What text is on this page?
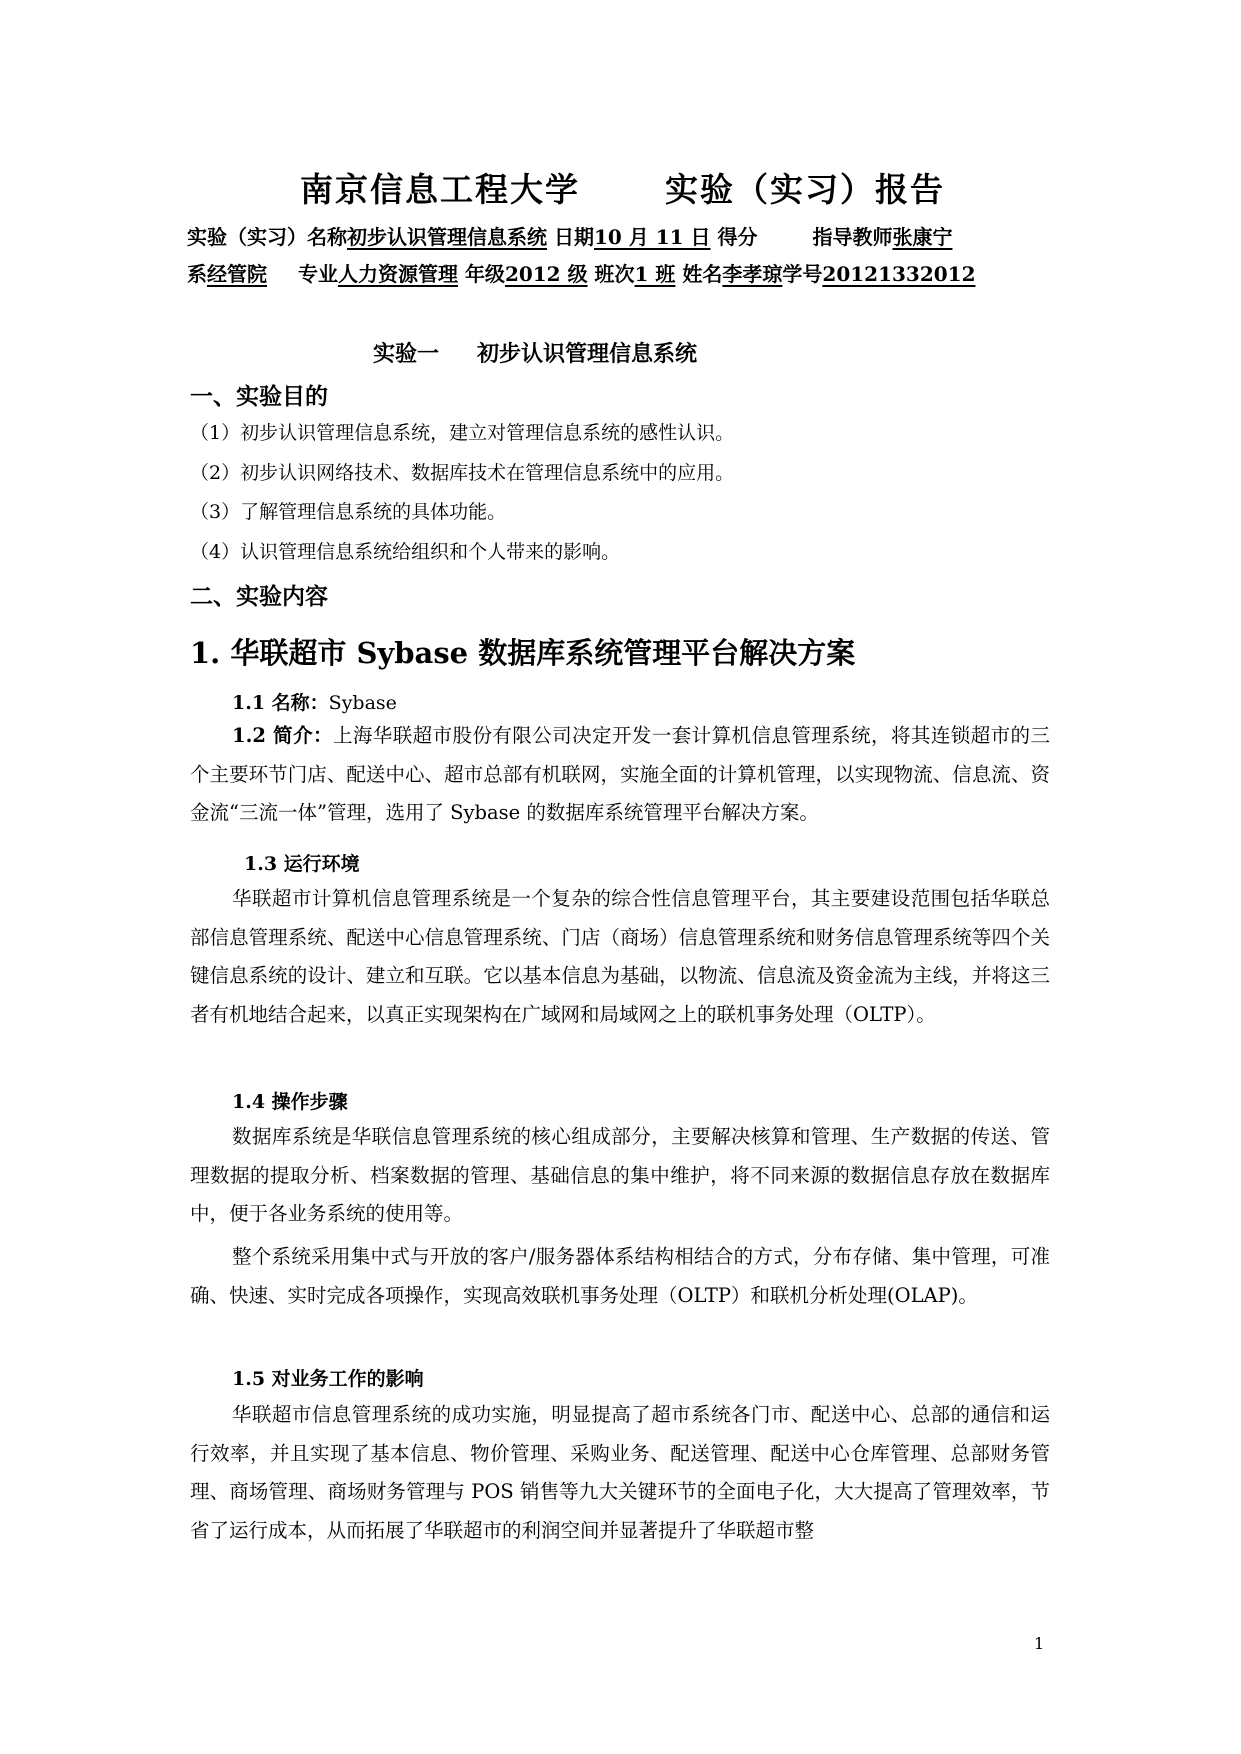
南京信息工程大学	实验（实习）报告
实验（实习）名称初步认识管理信息系统 日期10 月 11 日 得分	指导教师张康宁
系经管院 专业人力资源管理 年级2012 级 班次1 班 姓名李孝琼学号20121332012
实验一 初步认识管理信息系统
一、实验目的
（1）初步认识管理信息系统，建立对管理信息系统的感性认识。
（2）初步认识网络技术、数据库技术在管理信息系统中的应用。
（3）了解管理信息系统的具体功能。
（4）认识管理信息系统给组织和个人带来的影响。
二、实验内容
1. 华联超市 Sybase 数据库系统管理平台解决方案
1.1 名称：Sybase
1.2 简介：上海华联超市股份有限公司决定开发一套计算机信息管理系统，将其连锁超市的三个主要环节门店、配送中心、超市总部有机联网，实施全面的计算机管理，以实现物流、信息流、资金流“三流一体”管理，选用了 Sybase 的数据库系统管理平台解决方案。
1.3 运行环境
华联超市计算机信息管理系统是一个复杂的综合性信息管理平台，其主要建设范围包括华联总部信息管理系统、配送中心信息管理系统、门店（商场）信息管理系统和财务信息管理系统等四个关键信息系统的设计、建立和互联。它以基本信息为基础，以物流、信息流及资金流为主线，并将这三者有机地结合起来，以真正实现架构在广域网和局域网之上的联机事务处理（OLTP）。
1.4 操作步骤
数据库系统是华联信息管理系统的核心组成部分，主要解决核算和管理、生产数据的传送、管理数据的提取分析、档案数据的管理、基础信息的集中维护，将不同来源的数据信息存放在数据库中，便于各业务系统的使用等。
整个系统采用集中式与开放的客户/服务器体系结构相结合的方式，分布存储、集中管理，可准确、快速、实时完成各项操作，实现高效联机事务处理（OLTP）和联机分析处理(OLAP)。
1.5 对业务工作的影响
华联超市信息管理系统的成功实施，明显提高了超市系统各门市、配送中心、总部的通信和运行效率，并且实现了基本信息、物价管理、采购业务、配送管理、配送中心仓库管理、总部财务管理、商场管理、商场财务管理与 POS 销售等九大关键环节的全面电子化，大大提高了管理效率，节省了运行成本，从而拓展了华联超市的利润空间并显著提升了华联超市整
1
